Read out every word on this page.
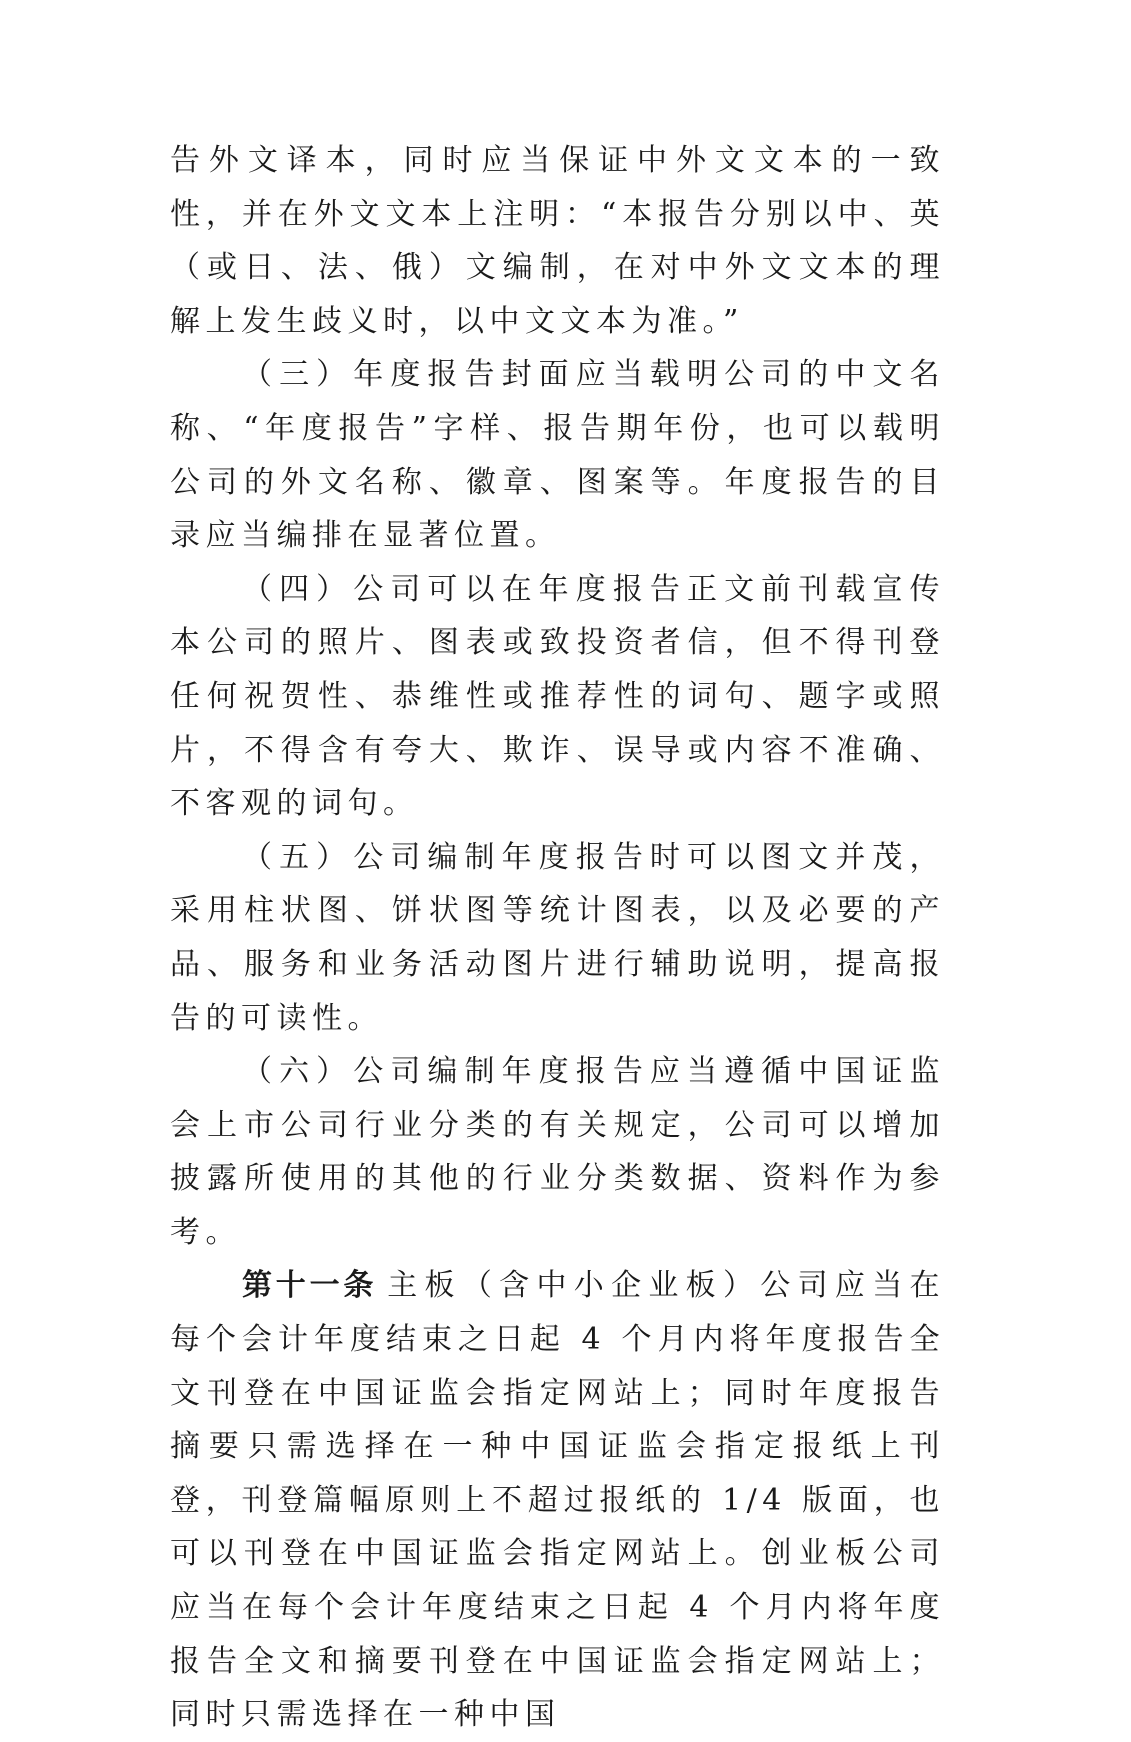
告外文译本，同时应当保证中外文文本的一致性，并在外文文本上注明：“本报告分别以中、英（或日、法、俄）文编制，在对中外文文本的理解上发生歧义时，以中文文本为准。”

（三）年度报告封面应当载明公司的中文名称、“年度报告”字样、报告期年份，也可以载明公司的外文名称、徽章、图案等。年度报告的目录应当编排在显著位置。

（四）公司可以在年度报告正文前刊载宣传本公司的照片、图表或致投资者信，但不得刊登任何祝贺性、恭维性或推荐性的词句、题字或照片，不得含有夸大、欺诈、误导或内容不准确、不客观的词句。

（五）公司编制年度报告时可以图文并茂，采用柱状图、饼状图等统计图表，以及必要的产品、服务和业务活动图片进行辅助说明，提高报告的可读性。

（六）公司编制年度报告应当遵循中国证监会上市公司行业分类的有关规定，公司可以增加披露所使用的其他的行业分类数据、资料作为参考。

第十一条 主板（含中小企业板）公司应当在每个会计年度结束之日起 4 个月内将年度报告全文刊登在中国证监会指定网站上；同时年度报告摘要只需选择在一种中国证监会指定报纸上刊登，刊登篇幅原则上不超过报纸的 1/4 版面，也可以刊登在中国证监会指定网站上。创业板公司应当在每个会计年度结束之日起 4 个月内将年度报告全文和摘要刊登在中国证监会指定网站上；同时只需选择在一种中国
